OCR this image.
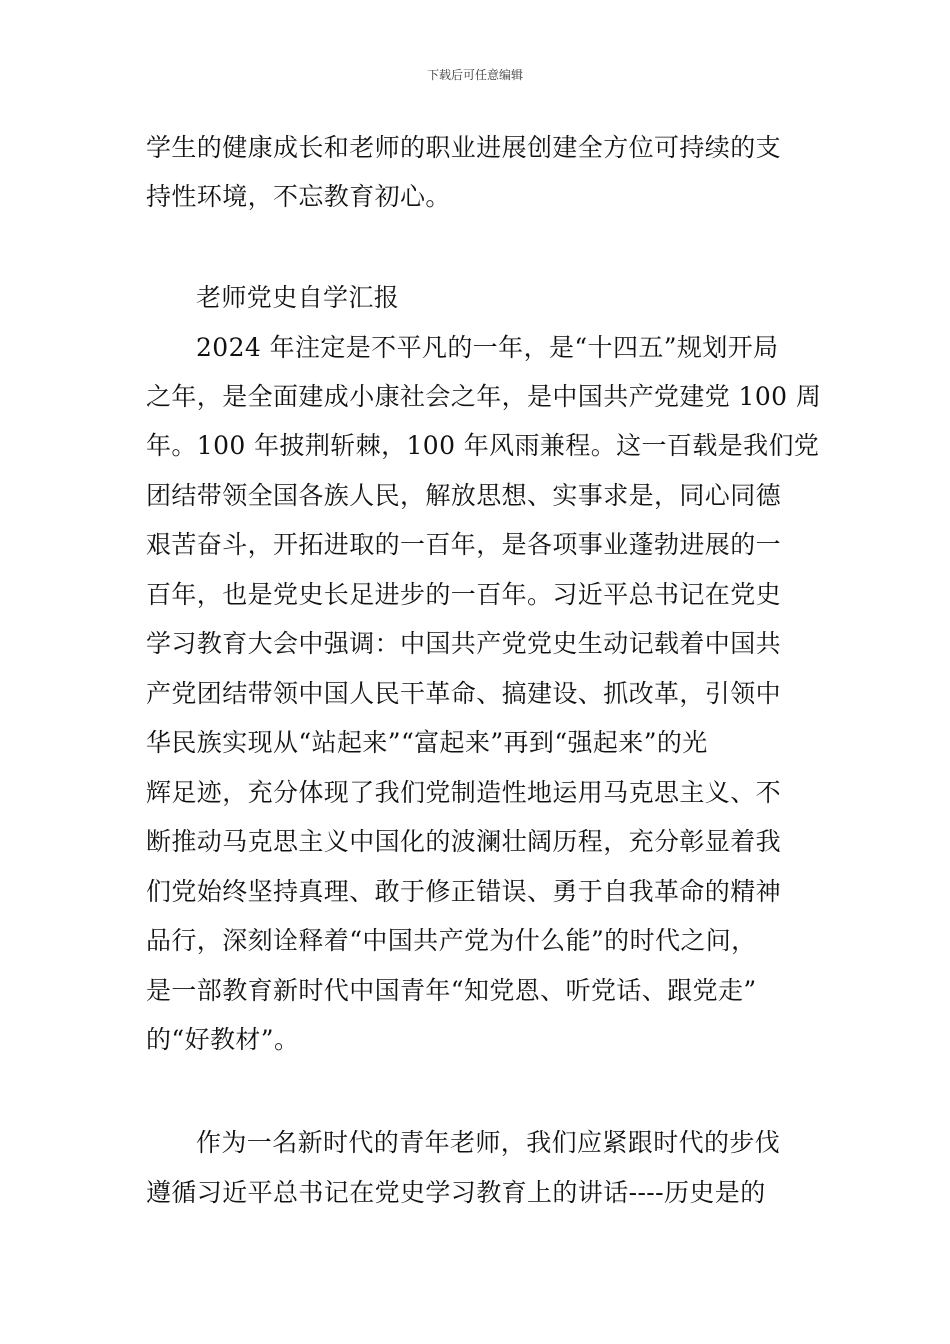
下载后可任意编辑
学生的健康成长和老师的职业进展创建全方位可持续的支
持性环境，不忘教育初心。
老师党史自学汇报
2024 年注定是不平凡的一年，是“十四五”规划开局
之年，是全面建成小康社会之年，是中国共产党建党 100 周
年。100 年披荆斩棘，100 年风雨兼程。这一百载是我们党
团结带领全国各族人民，解放思想、实事求是，同心同德
艰苦奋斗，开拓进取的一百年，是各项事业蓬勃进展的一
百年，也是党史长足进步的一百年。习近平总书记在党史
学习教育大会中强调：中国共产党党史生动记载着中国共
产党团结带领中国人民干革命、搞建设、抓改革，引领中
华民族实现从“站起来”“富起来”再到“强起来”的光
辉足迹，充分体现了我们党制造性地运用马克思主义、不
断推动马克思主义中国化的波澜壮阔历程，充分彰显着我
们党始终坚持真理、敢于修正错误、勇于自我革命的精神
品行，深刻诠释着“中国共产党为什么能”的时代之问，
是一部教育新时代中国青年“知党恩、听党话、跟党走”
的“好教材”。
作为一名新时代的青年老师，我们应紧跟时代的步伐
遵循习近平总书记在党史学习教育上的讲话----历史是的
